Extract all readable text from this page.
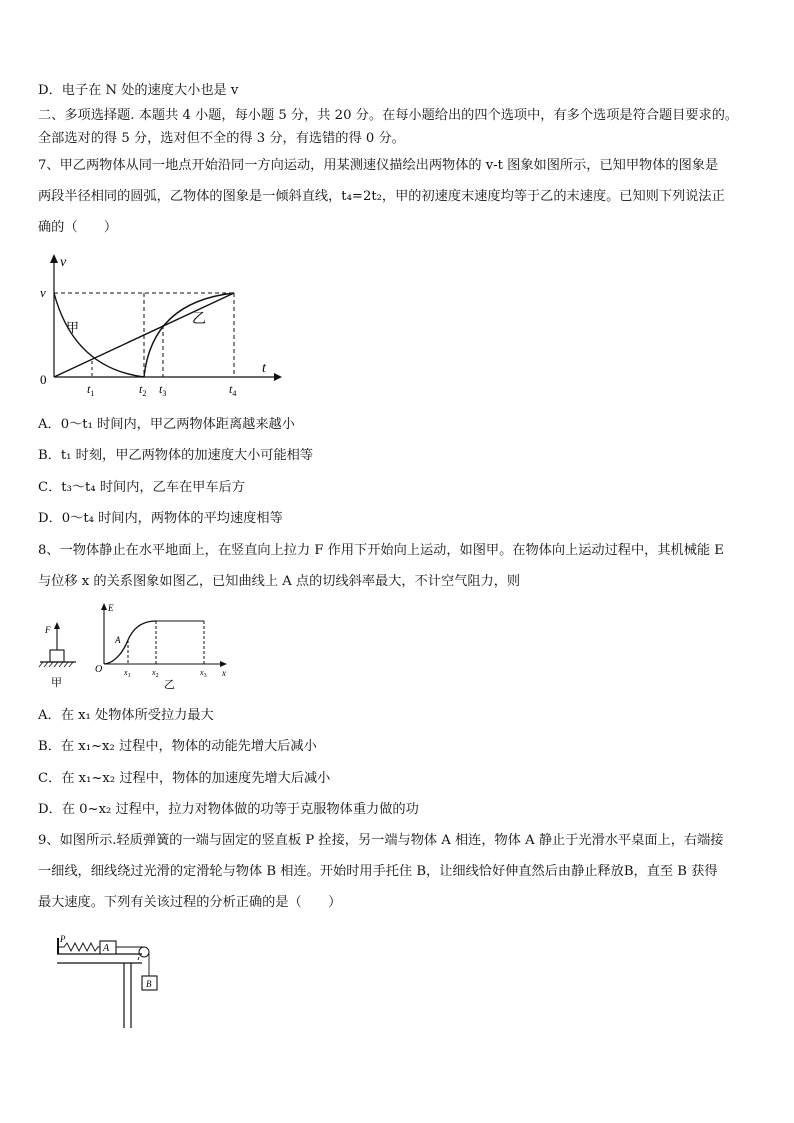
D．电子在 N 处的速度大小也是 v
二、多项选择题. 本题共 4 小题，每小题 5 分，共 20 分。在每小题给出的四个选项中，有多个选项是符合题目要求的。
全部选对的得 5 分，选对但不全的得 3 分，有选错的得 0 分。
7、甲乙两物体从同一地点开始沿同一方向运动，用某测速仪描绘出两物体的 v-t 图象如图所示，已知甲物体的图象是
两段半径相同的圆弧，乙物体的图象是一倾斜直线，t₄=2t₂，甲的初速度末速度均等于乙的末速度。已知则下列说法正
确的（　　）
v
t
0
v
甲
乙
$t_1$	$t_2$ $t_3$	$t_4$
A．0～t₁ 时间内，甲乙两物体距离越来越小
B．t₁ 时刻，甲乙两物体的加速度大小可能相等
C．t₃～t₄ 时间内，乙车在甲车后方
D．0～t₄ 时间内，两物体的平均速度相等
8、一物体静止在水平地面上，在竖直向上拉力 F 作用下开始向上运动，如图甲。在物体向上运动过程中，其机械能 E
与位移 x 的关系图象如图乙，已知曲线上 A 点的切线斜率最大，不计空气阻力，则
F
甲
E
x
O
A
$x_1$	$x_2$	$x_3$
乙
A．在 x₁ 处物体所受拉力最大
B．在 x₁~x₂ 过程中，物体的动能先增大后减小
C．在 x₁~x₂ 过程中，物体的加速度先增大后减小
D．在 0~x₂ 过程中，拉力对物体做的功等于克服物体重力做的功
9、如图所示.轻质弹簧的一端与固定的竖直板 P 拴接，另一端与物体 A 相连，物体 A 静止于光滑水平桌面上，右端接
一细线，细线绕过光滑的定滑轮与物体 B 相连。开始时用手托住 B，让细线恰好伸直然后由静止释放B，直至 B 获得
最大速度。下列有关该过程的分析正确的是（　　）
P
A
B
